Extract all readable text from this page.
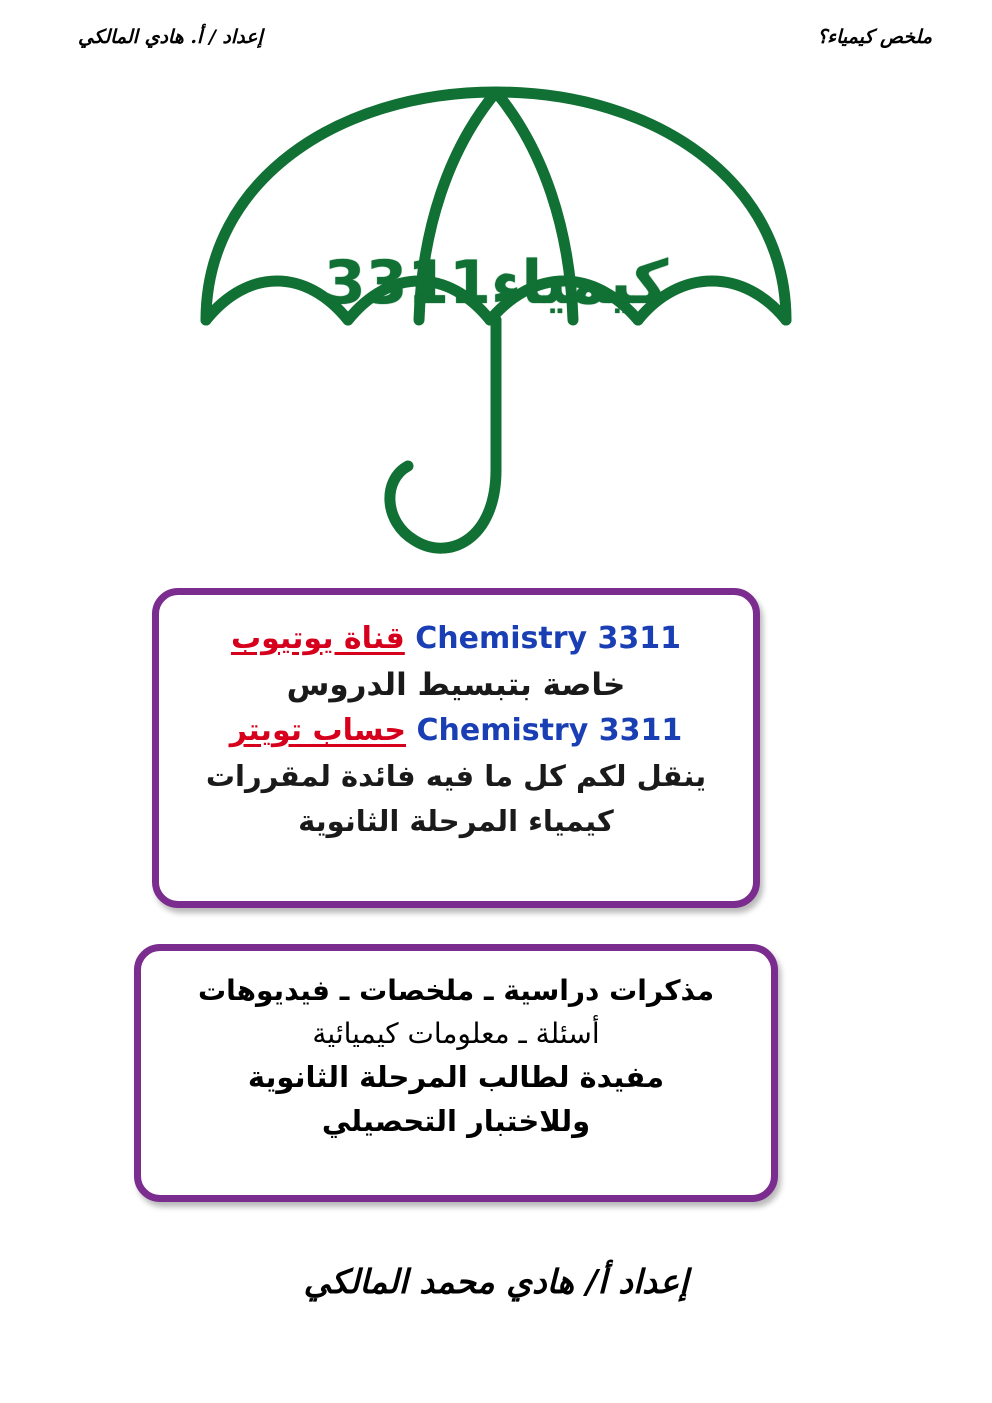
ملخص كيمياء؟
إعداد / أ. هادي المالكي
كيمياء3311

Chemistry 3311 قناة يوتيوب

خاصة بتبسيط الدروس

Chemistry 3311 حساب تويتر

ينقل لكم كل ما فيه فائدة لمقررات

كيمياء المرحلة الثانوية

مذكرات دراسية ـ ملخصات ـ فيديوهات

أسئلة ـ معلومات كيميائية

مفيدة لطالب المرحلة الثانوية

وللاختبار التحصيلي

إعداد أ/ هادي محمد المالكي
